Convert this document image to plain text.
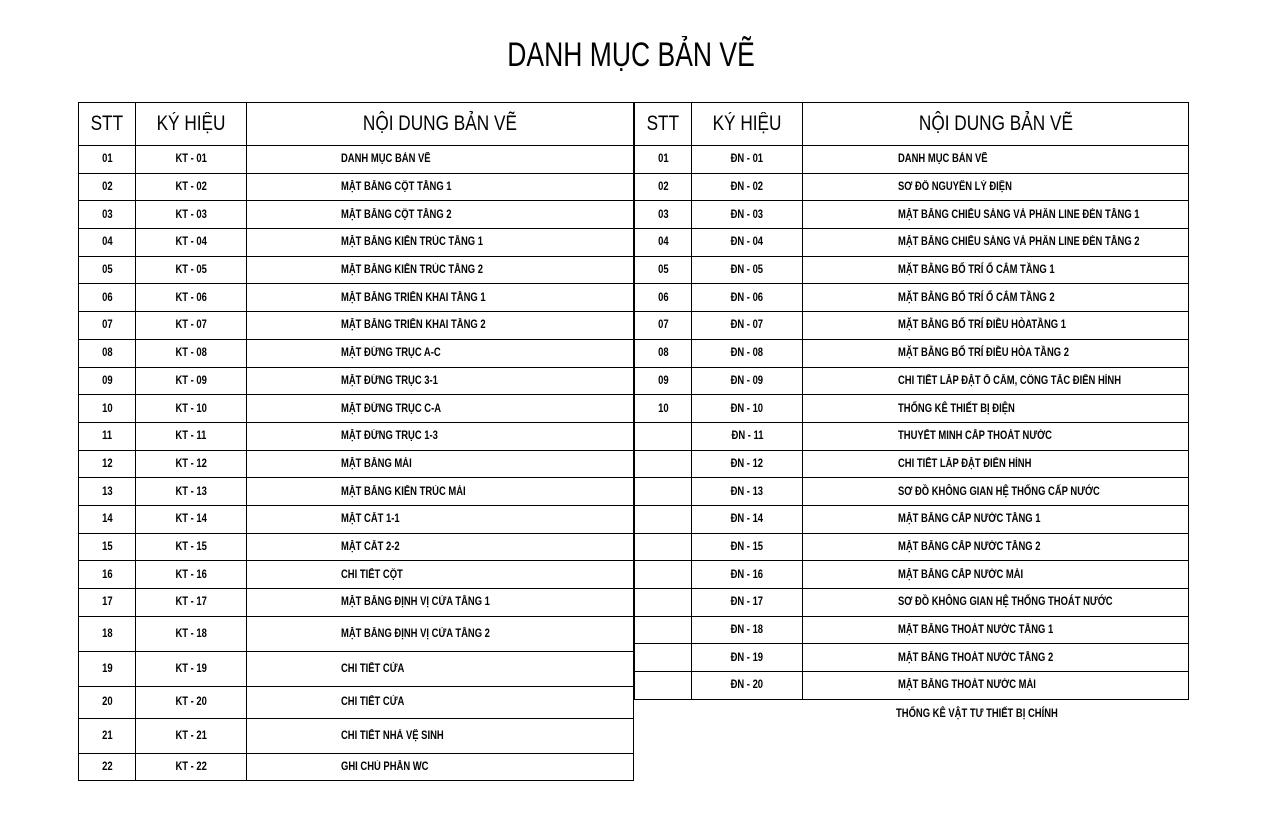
DANH MỤC BẢN VẼ
STT	KÝ HIỆU	NỘI DUNG BẢN VẼ
01	KT - 01	DANH MỤC BẢN VẼ
02	KT - 02	MẶT BẰNG CỘT TẦNG 1
03	KT - 03	MẶT BẰNG CỘT TẦNG 2
04	KT - 04	MẶT BẰNG KIẾN TRÚC TẦNG 1
05	KT - 05	MẶT BẰNG KIẾN TRÚC TẦNG 2
06	KT - 06	MẶT BẰNG TRIỂN KHAI TẦNG 1
07	KT - 07	MẶT BẰNG TRIỂN KHAI TẦNG 2
08	KT - 08	MẶT ĐỨNG TRỤC A-C
09	KT - 09	MẶT ĐỨNG TRỤC 3-1
10	KT - 10	MẶT ĐỨNG TRỤC C-A
11	KT - 11	MẶT ĐỨNG TRỤC 1-3
12	KT - 12	MẶT BẰNG MÁI
13	KT - 13	MẶT BẰNG KIẾN TRÚC MÁI
14	KT - 14	MẶT CẮT 1-1
15	KT - 15	MẶT CẮT 2-2
16	KT - 16	CHI TIẾT CỘT
17	KT - 17	MẶT BẰNG ĐỊNH VỊ CỬA TẦNG 1
18	KT - 18	MẶT BẰNG ĐỊNH VỊ CỬA TẦNG 2
19	KT - 19	CHI TIẾT CỬA
20	KT - 20	CHI TIẾT CỬA
21	KT - 21	CHI TIẾT NHÀ VỆ SINH
22	KT - 22	GHI CHÚ PHẦN WC
STT	KÝ HIỆU	NỘI DUNG BẢN VẼ
01	ĐN - 01	DANH MỤC BẢN VẼ
02	ĐN - 02	SƠ ĐỒ NGUYÊN LÝ ĐIỆN
03	ĐN - 03	MẶT BẰNG CHIẾU SÁNG VÀ PHÂN LINE ĐÈN TẦNG 1
04	ĐN - 04	MẶT BẰNG CHIẾU SÁNG VÀ PHÂN LINE ĐÈN TẦNG 2
05	ĐN - 05	MẶT BẰNG BỐ TRÍ Ổ CẮM TẦNG 1
06	ĐN - 06	MẶT BẰNG BỐ TRÍ Ổ CẮM TẦNG 2
07	ĐN - 07	MẶT BẰNG BỐ TRÍ ĐIỀU HÒATẦNG 1
08	ĐN - 08	MẶT BẰNG BỐ TRÍ ĐIỀU HÒA TẦNG 2
09	ĐN - 09	CHI TIẾT LẮP ĐẶT Ổ CẮM, CÔNG TẮC ĐIỂN HÌNH
10	ĐN - 10	THỐNG KÊ THIẾT BỊ ĐIỆN
	ĐN - 11	THUYẾT MINH CẤP THOÁT NƯỚC
	ĐN - 12	CHI TIẾT LẮP ĐẶT ĐIỂN HÌNH
	ĐN - 13	SƠ ĐỒ KHÔNG GIAN HỆ THỐNG CẤP NƯỚC
	ĐN - 14	MẶT BẰNG CẤP NƯỚC TẦNG 1
	ĐN - 15	MẶT BẰNG CẤP NƯỚC TẦNG 2
	ĐN - 16	MẶT BẰNG CẤP NƯỚC MÁI
	ĐN - 17	SƠ ĐỒ KHÔNG GIAN HỆ THỐNG THOÁT NƯỚC
	ĐN - 18	MẶT BẰNG THOÁT NƯỚC TẦNG 1
	ĐN - 19	MẶT BẰNG THOÁT NƯỚC TẦNG 2
	ĐN - 20	MẶT BẰNG THOÁT NƯỚC MÁI
THỐNG KÊ VẬT TƯ THIẾT BỊ CHÍNH
